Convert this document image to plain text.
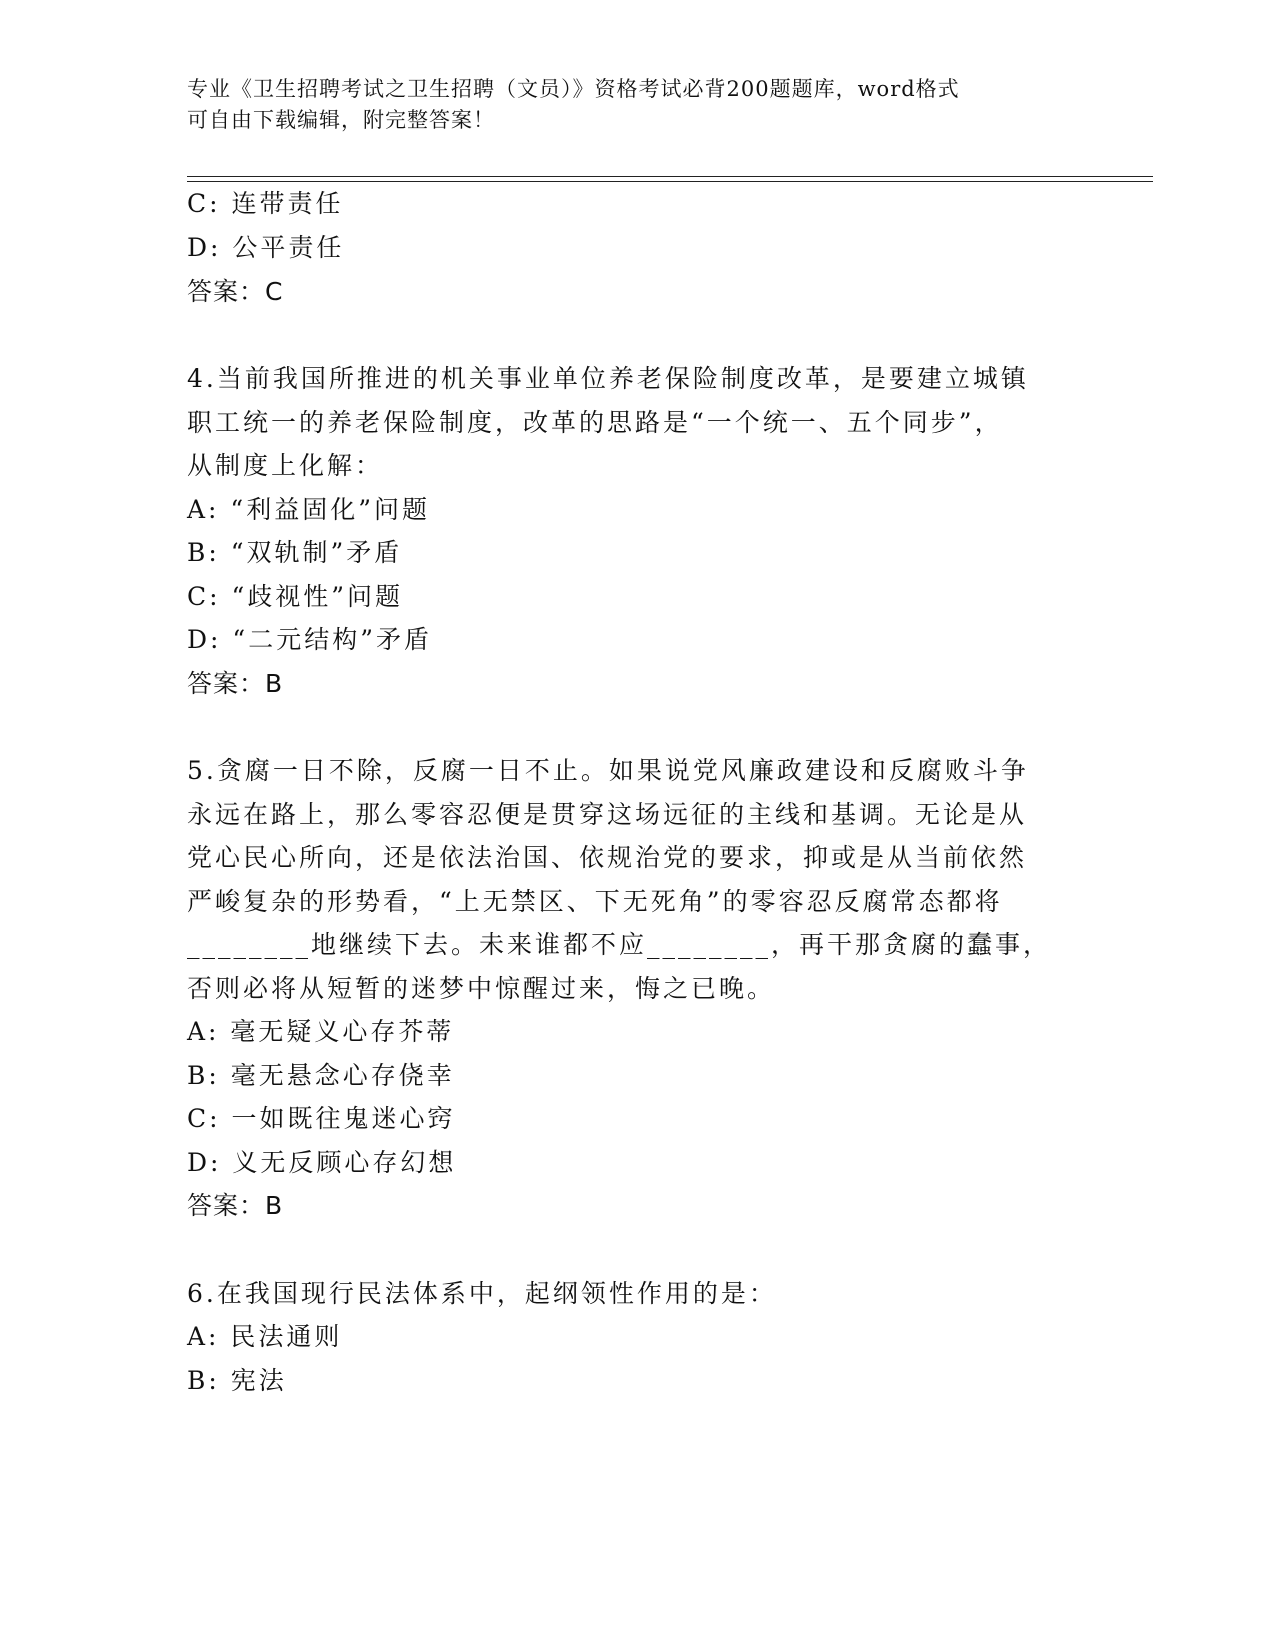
专业《卫生招聘考试之卫生招聘（文员）》资格考试必背200题题库，word格式
可自由下载编辑，附完整答案！
C: 连带责任
D: 公平责任
答案：C
4.当前我国所推进的机关事业单位养老保险制度改革，是要建立城镇
职工统一的养老保险制度，改革的思路是“一个统一、五个同步”，
从制度上化解：
A: “利益固化”问题
B: “双轨制”矛盾
C: “歧视性”问题
D: “二元结构”矛盾
答案：B
5.贪腐一日不除，反腐一日不止。如果说党风廉政建设和反腐败斗争
永远在路上，那么零容忍便是贯穿这场远征的主线和基调。无论是从
党心民心所向，还是依法治国、依规治党的要求，抑或是从当前依然
严峻复杂的形势看，“上无禁区、下无死角”的零容忍反腐常态都将
________地继续下去。未来谁都不应________，再干那贪腐的蠢事，
否则必将从短暂的迷梦中惊醒过来，悔之已晚。
A: 毫无疑义心存芥蒂
B: 毫无悬念心存侥幸
C: 一如既往鬼迷心窍
D: 义无反顾心存幻想
答案：B
6.在我国现行民法体系中，起纲领性作用的是：
A: 民法通则
B: 宪法
